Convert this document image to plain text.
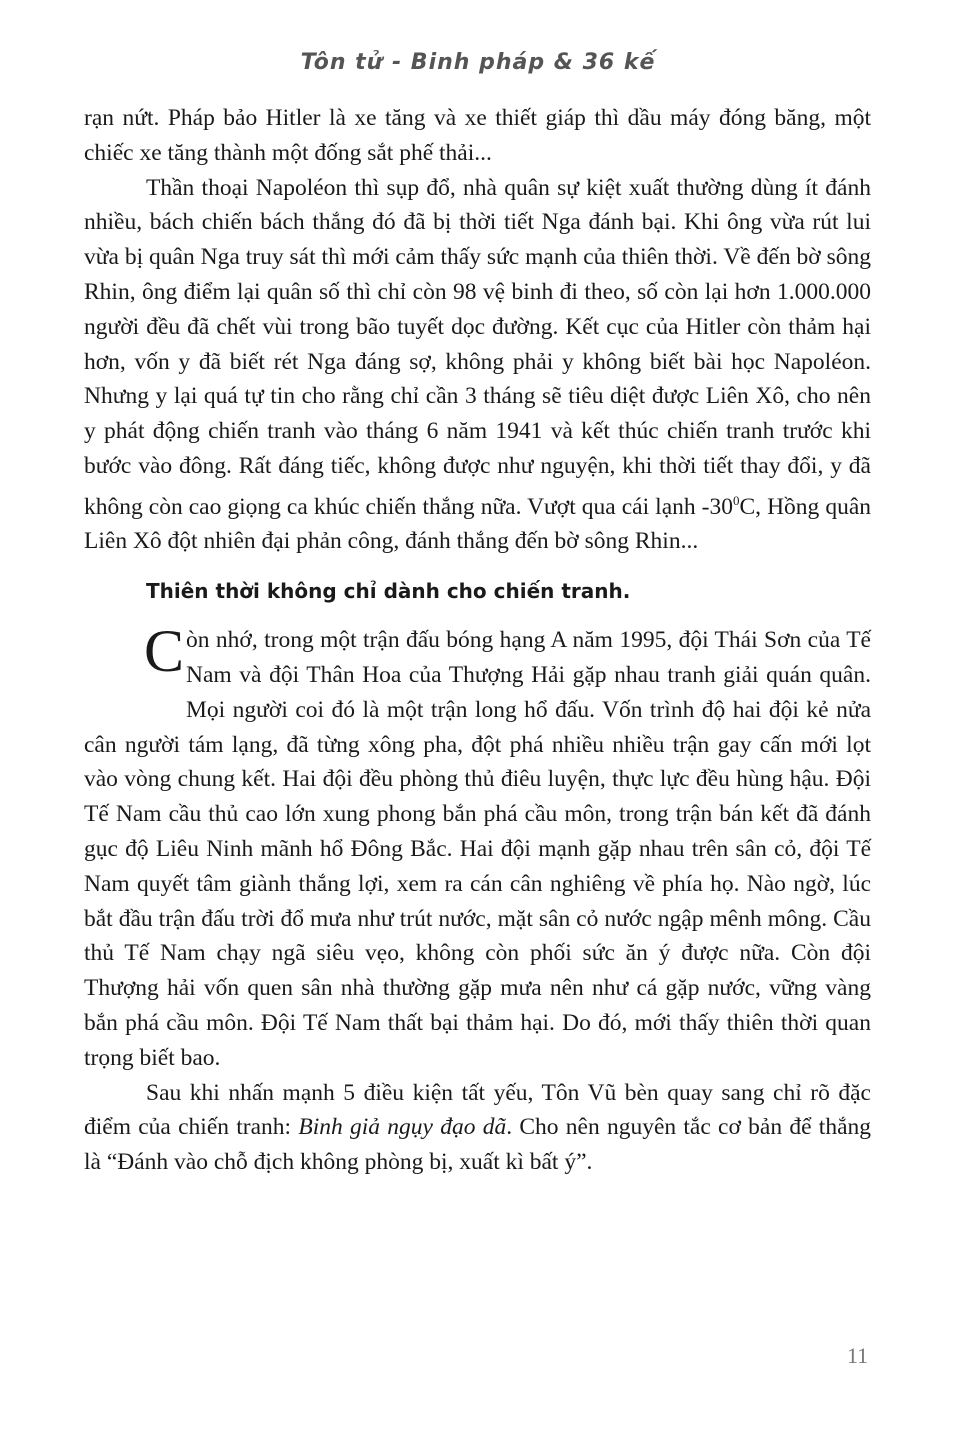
Tôn tử - Binh pháp & 36 kế

rạn nứt. Pháp bảo Hitler là xe tăng và xe thiết giáp thì dầu máy đóng băng, một chiếc xe tăng thành một đống sắt phế thải...

Thần thoại Napoléon thì sụp đổ, nhà quân sự kiệt xuất thường dùng ít đánh nhiều, bách chiến bách thắng đó đã bị thời tiết Nga đánh bại. Khi ông vừa rút lui vừa bị quân Nga truy sát thì mới cảm thấy sức mạnh của thiên thời. Về đến bờ sông Rhin, ông điểm lại quân số thì chỉ còn 98 vệ binh đi theo, số còn lại hơn 1.000.000 người đều đã chết vùi trong bão tuyết dọc đường. Kết cục của Hitler còn thảm hại hơn, vốn y đã biết rét Nga đáng sợ, không phải y không biết bài học Napoléon. Nhưng y lại quá tự tin cho rằng chỉ cần 3 tháng sẽ tiêu diệt được Liên Xô, cho nên y phát động chiến tranh vào tháng 6 năm 1941 và kết thúc chiến tranh trước khi bước vào đông. Rất đáng tiếc, không được như nguyện, khi thời tiết thay đổi, y đã không còn cao giọng ca khúc chiến thắng nữa. Vượt qua cái lạnh $-30^0C$, Hồng quân Liên Xô đột nhiên đại phản công, đánh thắng đến bờ sông Rhin...

Thiên thời không chỉ dành cho chiến tranh.

Còn nhớ, trong một trận đấu bóng hạng A năm 1995, đội Thái Sơn của Tế Nam và đội Thân Hoa của Thượng Hải gặp nhau tranh giải quán quân. Mọi người coi đó là một trận long hổ đấu. Vốn trình độ hai đội kẻ nửa cân người tám lạng, đã từng xông pha, đột phá nhiều nhiều trận gay cấn mới lọt vào vòng chung kết. Hai đội đều phòng thủ điêu luyện, thực lực đều hùng hậu. Đội Tế Nam cầu thủ cao lớn xung phong bắn phá cầu môn, trong trận bán kết đã đánh gục độ Liêu Ninh mãnh hổ Đông Bắc. Hai đội mạnh gặp nhau trên sân cỏ, đội Tế Nam quyết tâm giành thắng lợi, xem ra cán cân nghiêng về phía họ. Nào ngờ, lúc bắt đầu trận đấu trời đổ mưa như trút nước, mặt sân cỏ nước ngập mênh mông. Cầu thủ Tế Nam chạy ngã siêu vẹo, không còn phối sức ăn ý được nữa. Còn đội Thượng hải vốn quen sân nhà thường gặp mưa nên như cá gặp nước, vững vàng bắn phá cầu môn. Đội Tế Nam thất bại thảm hại. Do đó, mới thấy thiên thời quan trọng biết bao.

Sau khi nhấn mạnh 5 điều kiện tất yếu, Tôn Vũ bèn quay sang chỉ rõ đặc điểm của chiến tranh: Binh giả ngụy đạo dã. Cho nên nguyên tắc cơ bản để thắng là “Đánh vào chỗ địch không phòng bị, xuất kì bất ý”.

11
